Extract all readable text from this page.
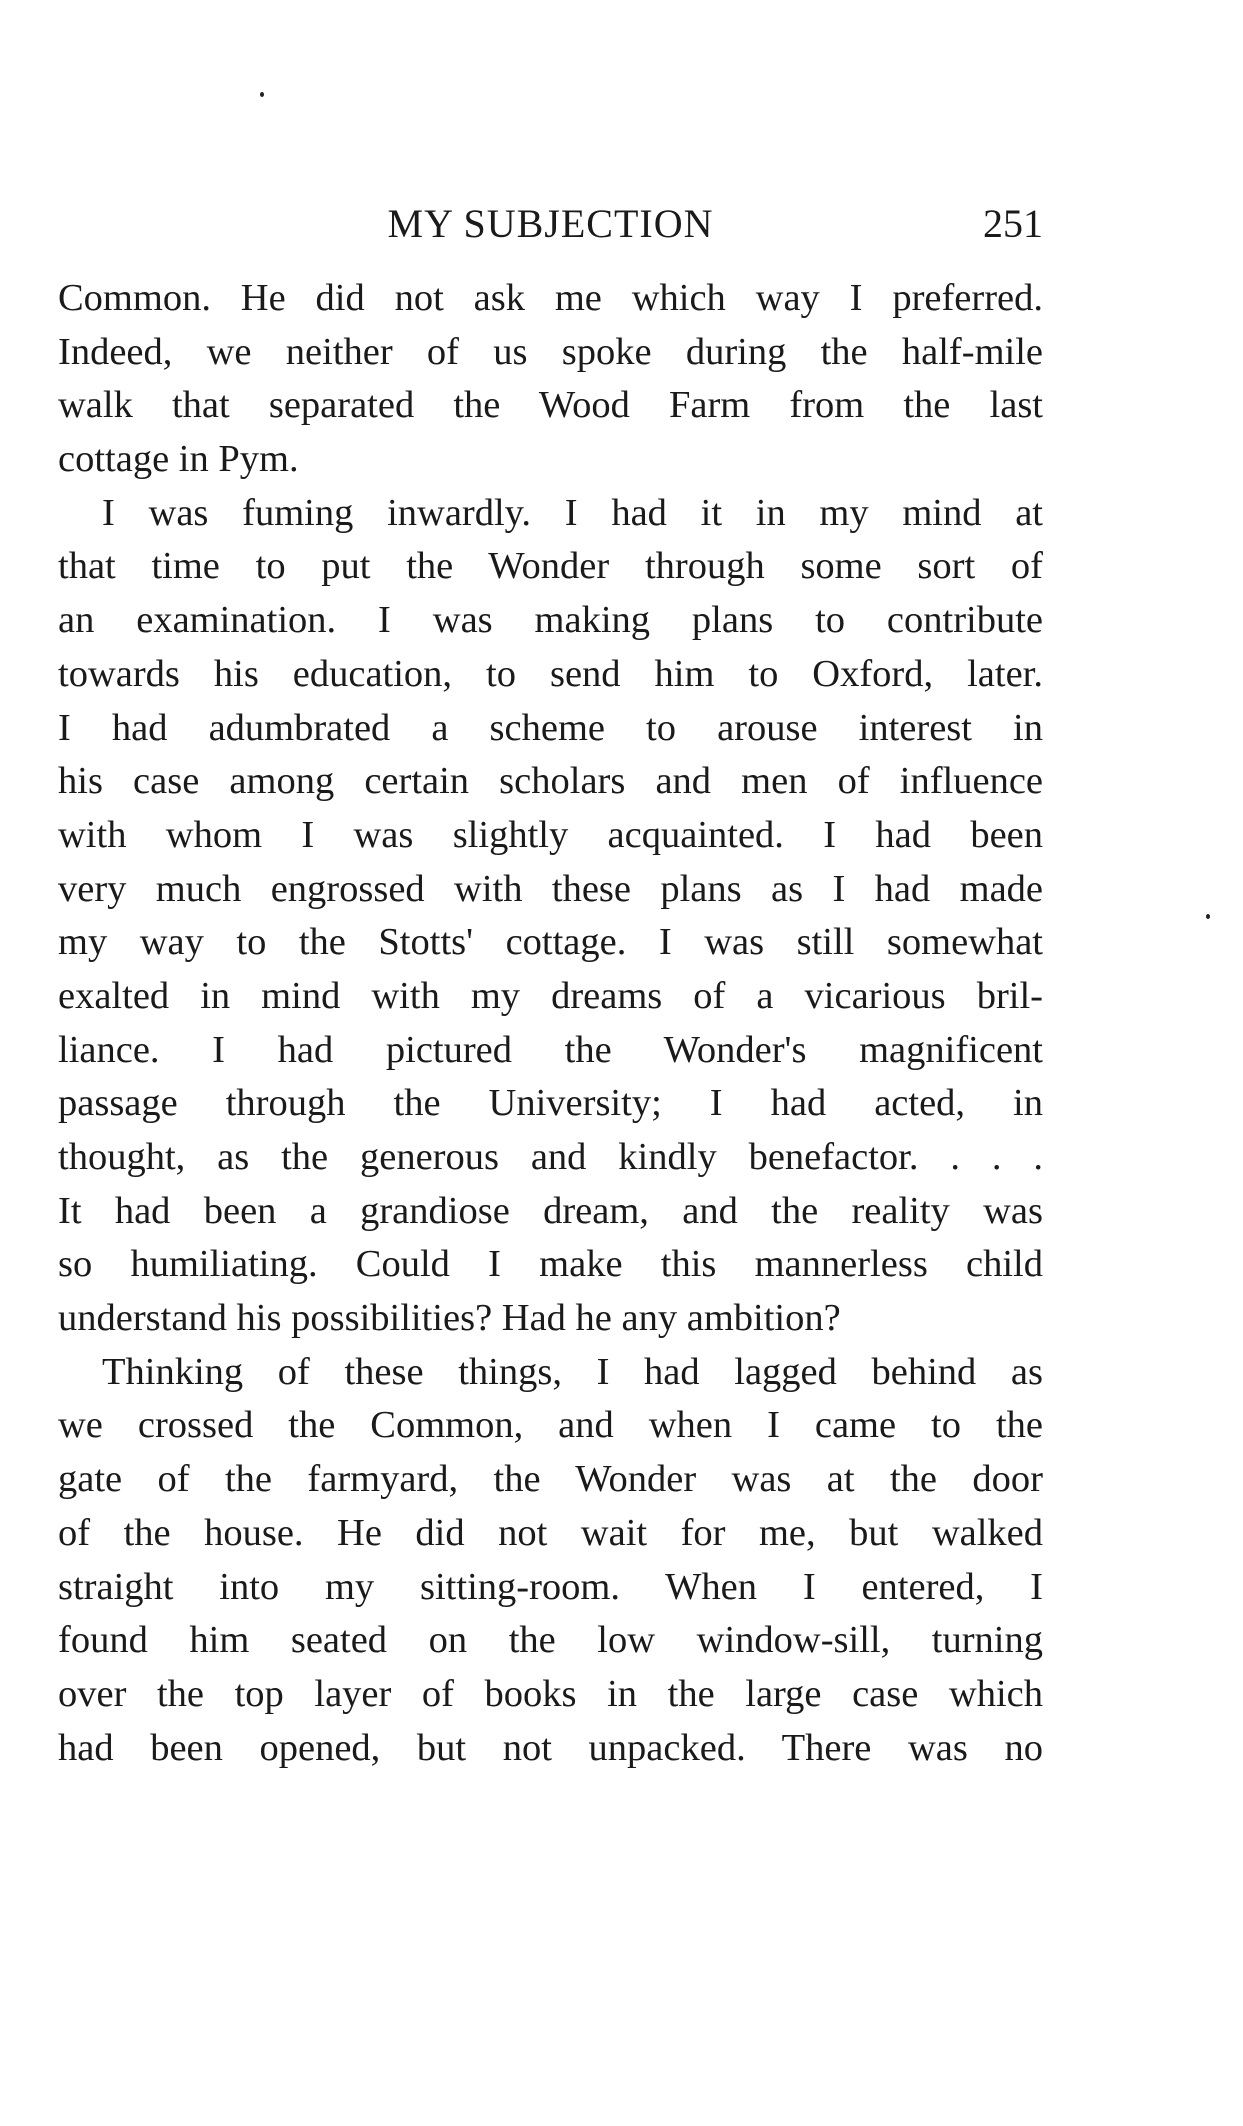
MY SUBJECTION	251
Common. He did not ask me which way I preferred.
Indeed, we neither of us spoke during the half-mile
walk that separated the Wood Farm from the last
cottage in Pym.
I was fuming inwardly. I had it in my mind at
that time to put the Wonder through some sort of
an examination. I was making plans to contribute
towards his education, to send him to Oxford, later.
I had adumbrated a scheme to arouse interest in
his case among certain scholars and men of influence
with whom I was slightly acquainted. I had been
very much engrossed with these plans as I had made
my way to the Stotts' cottage. I was still somewhat
exalted in mind with my dreams of a vicarious bril-
liance. I had pictured the Wonder's magnificent
passage through the University; I had acted, in
thought, as the generous and kindly benefactor. . . .
It had been a grandiose dream, and the reality was
so humiliating. Could I make this mannerless child
understand his possibilities? Had he any ambition?
Thinking of these things, I had lagged behind as
we crossed the Common, and when I came to the
gate of the farmyard, the Wonder was at the door
of the house. He did not wait for me, but walked
straight into my sitting-room. When I entered, I
found him seated on the low window-sill, turning
over the top layer of books in the large case which
had been opened, but not unpacked. There was no
